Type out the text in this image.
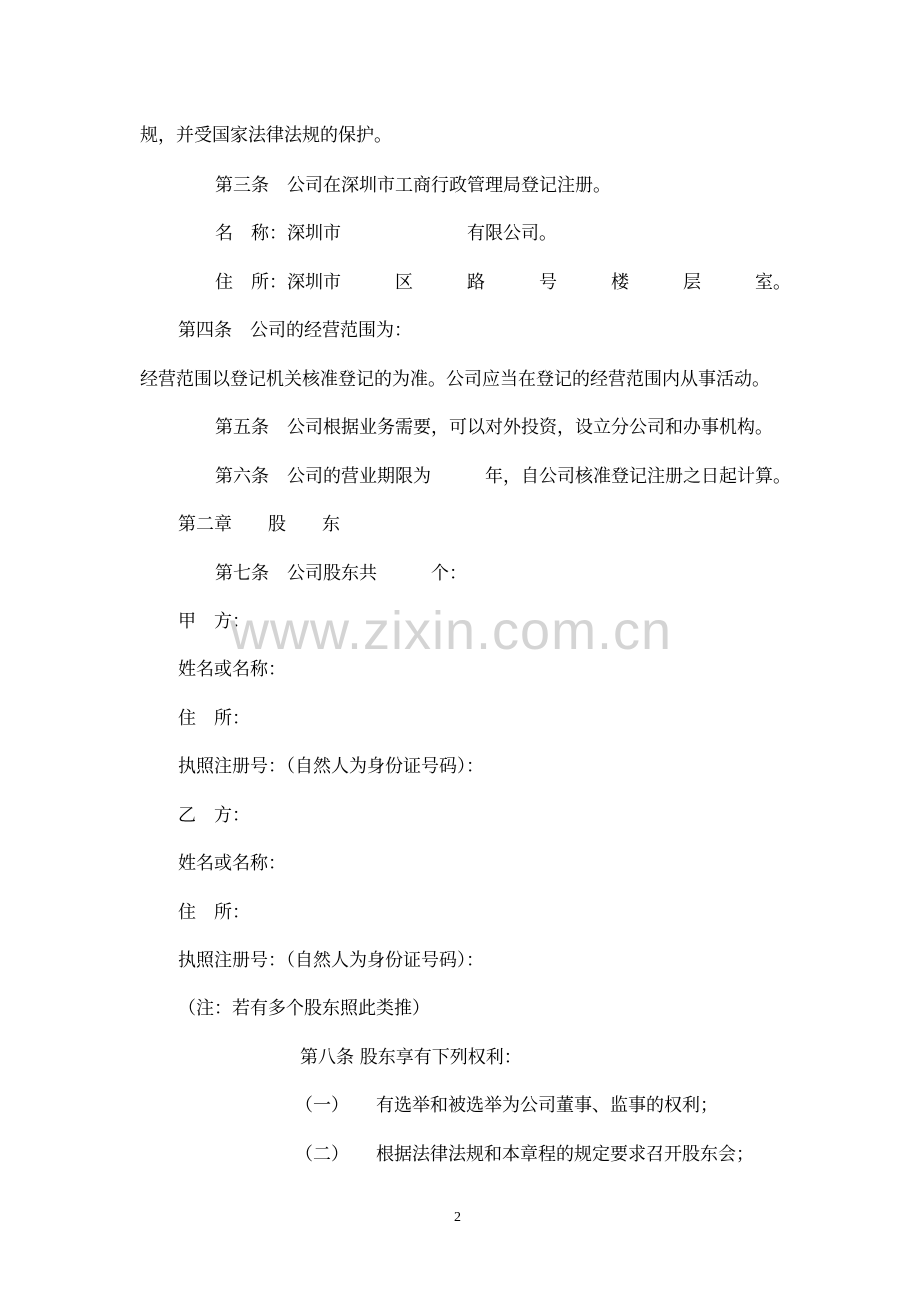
规，并受国家法律法规的保护。
第三条　公司在深圳市工商行政管理局登记注册。
名　称：深圳市　　　　　　　有限公司。
住　所：深圳市　　　区　　　路　　　号　　　楼　　　层　　　室。
第四条　公司的经营范围为：
经营范围以登记机关核准登记的为准。公司应当在登记的经营范围内从事活动。
第五条　公司根据业务需要，可以对外投资，设立分公司和办事机构。
第六条　公司的营业期限为　　　年，自公司核准登记注册之日起计算。
第二章　　股　　东
第七条　公司股东共　　　个：
甲　方：
姓名或名称：
住　所：
执照注册号：（自然人为身份证号码）：
乙　方：
姓名或名称：
住　所：
执照注册号：（自然人为身份证号码）：
（注：若有多个股东照此类推）
第八条 股东享有下列权利：
（一）　　有选举和被选举为公司董事、监事的权利；
（二）　　根据法律法规和本章程的规定要求召开股东会；
www.zixin.com.cn
2
